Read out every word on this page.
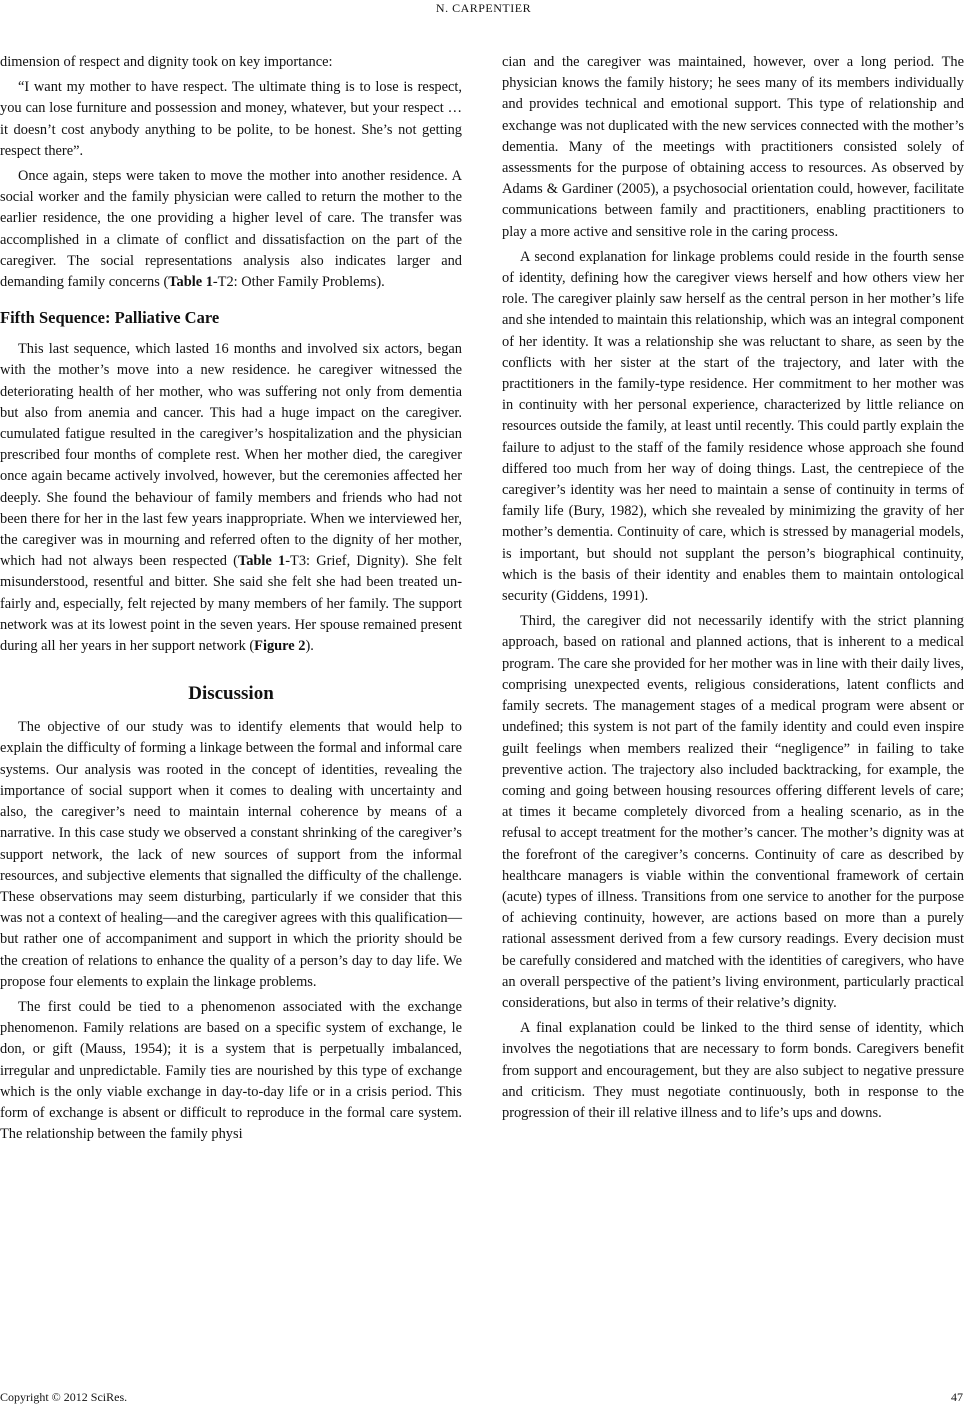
N. CARPENTIER

dimension of respect and dignity took on key importance:

“I want my mother to have respect. The ultimate thing is to lose is respect, you can lose furniture and possession and money, whatever, but your respect … it doesn’t cost anybody anything to be polite, to be honest. She’s not getting respect there”.

Once again, steps were taken to move the mother into another residence. A social worker and the family physician were called to return the mother to the earlier residence, the one providing a higher level of care. The transfer was accomplished in a climate of conflict and dissatisfaction on the part of the caregiver. The social representations analysis also indicates larger and demanding family concerns (Table 1-T2: Other Family Problems).

Fifth Sequence: Palliative Care

This last sequence, which lasted 16 months and involved six actors, began with the mother’s move into a new residence. he caregiver witnessed the deteriorating health of her mother, who was suffering not only from dementia but also from anemia and cancer. This had a huge impact on the caregiver. cumulated fatigue resulted in the caregiver’s hospitalization and the physician prescribed four months of complete rest. When her mother died, the caregiver once again became actively involved, however, but the ceremonies affected her deeply. She found the behaviour of family members and friends who had not been there for her in the last few years inappropriate. When we interviewed her, the caregiver was in mourning and referred often to the dignity of her mother, which had not always been respected (Table 1-T3: Grief, Dignity). She felt misunderstood, resentful and bitter. She said she felt she had been treated unfairly and, especially, felt rejected by many members of her family. The support network was at its lowest point in the seven years. Her spouse remained present during all her years in her support network (Figure 2).

Discussion

The objective of our study was to identify elements that would help to explain the difficulty of forming a linkage between the formal and informal care systems. Our analysis was rooted in the concept of identities, revealing the importance of social support when it comes to dealing with uncertainty and also, the caregiver’s need to maintain internal coherence by means of a narrative. In this case study we observed a constant shrinking of the caregiver’s support network, the lack of new sources of support from the informal resources, and subjective elements that signalled the difficulty of the challenge. These observations may seem disturbing, particularly if we consider that this was not a context of healing—and the caregiver agrees with this qualification—but rather one of accompaniment and support in which the priority should be the creation of relations to enhance the quality of a person’s day to day life. We propose four elements to explain the linkage problems.

The first could be tied to a phenomenon associated with the exchange phenomenon. Family relations are based on a specific system of exchange, le don, or gift (Mauss, 1954); it is a system that is perpetually imbalanced, irregular and unpredictable. Family ties are nourished by this type of exchange which is the only viable exchange in day-to-day life or in a crisis period. This form of exchange is absent or difficult to reproduce in the formal care system. The relationship between the family physi

cian and the caregiver was maintained, however, over a long period. The physician knows the family history; he sees many of its members individually and provides technical and emotional support. This type of relationship and exchange was not duplicated with the new services connected with the mother’s dementia. Many of the meetings with practitioners consisted solely of assessments for the purpose of obtaining access to resources. As observed by Adams & Gardiner (2005), a psychosocial orientation could, however, facilitate communications between family and practitioners, enabling practitioners to play a more active and sensitive role in the caring process.

A second explanation for linkage problems could reside in the fourth sense of identity, defining how the caregiver views herself and how others view her role. The caregiver plainly saw herself as the central person in her mother’s life and she intended to maintain this relationship, which was an integral component of her identity. It was a relationship she was reluctant to share, as seen by the conflicts with her sister at the start of the trajectory, and later with the practitioners in the family-type residence. Her commitment to her mother was in continuity with her personal experience, characterized by little reliance on resources outside the family, at least until recently. This could partly explain the failure to adjust to the staff of the family residence whose approach she found differed too much from her way of doing things. Last, the centrepiece of the caregiver’s identity was her need to maintain a sense of continuity in terms of family life (Bury, 1982), which she revealed by minimizing the gravity of her mother’s dementia. Continuity of care, which is stressed by managerial models, is important, but should not supplant the person’s biographical continuity, which is the basis of their identity and enables them to maintain ontological security (Giddens, 1991).

Third, the caregiver did not necessarily identify with the strict planning approach, based on rational and planned actions, that is inherent to a medical program. The care she provided for her mother was in line with their daily lives, comprising unexpected events, religious considerations, latent conflicts and family secrets. The management stages of a medical program were absent or undefined; this system is not part of the family identity and could even inspire guilt feelings when members realized their “negligence” in failing to take preventive action. The trajectory also included backtracking, for example, the coming and going between housing resources offering different levels of care; at times it became completely divorced from a healing scenario, as in the refusal to accept treatment for the mother’s cancer. The mother’s dignity was at the forefront of the caregiver’s concerns. Continuity of care as described by healthcare managers is viable within the conventional framework of certain (acute) types of illness. Transitions from one service to another for the purpose of achieving continuity, however, are actions based on more than a purely rational assessment derived from a few cursory readings. Every decision must be carefully considered and matched with the identities of caregivers, who have an overall perspective of the patient’s living environment, particularly practical considerations, but also in terms of their relative’s dignity.

A final explanation could be linked to the third sense of identity, which involves the negotiations that are necessary to form bonds. Caregivers benefit from support and encouragement, but they are also subject to negative pressure and criticism. They must negotiate continuously, both in response to the progression of their ill relative illness and to life’s ups and downs.

Copyright © 2012 SciRes.	47
